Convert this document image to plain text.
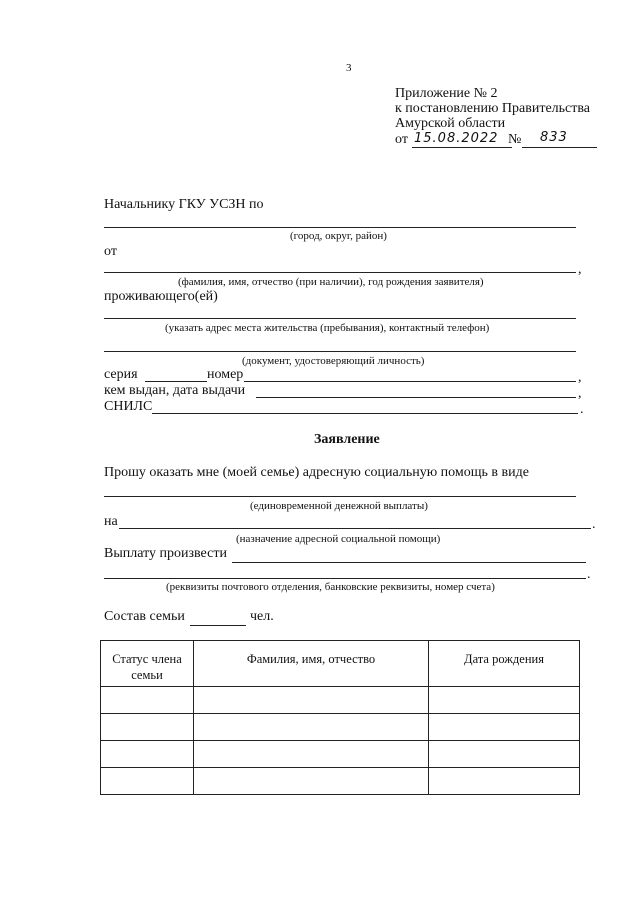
3
Приложение № 2
к постановлению Правительства
Амурской области
от 15.08.2022 № 833
Начальнику ГКУ УСЗН по
(город, округ, район)
от
,
(фамилия, имя, отчество (при наличии), год рождения заявителя)
проживающего(ей)
(указать адрес места жительства (пребывания), контактный телефон)
(документ, удостоверяющий личность)
серия	номер	,
кем выдан, дата выдачи	,
СНИЛС	.
Заявление
Прошу оказать мне (моей семье) адресную социальную помощь в виде
(единовременной денежной выплаты)
на	.
(назначение адресной социальной помощи)
Выплату произвести
.
(реквизиты почтового отделения, банковские реквизиты, номер счета)
Состав семьи	чел.
Статус члена семьи	Фамилия, имя, отчество	Дата рождения
